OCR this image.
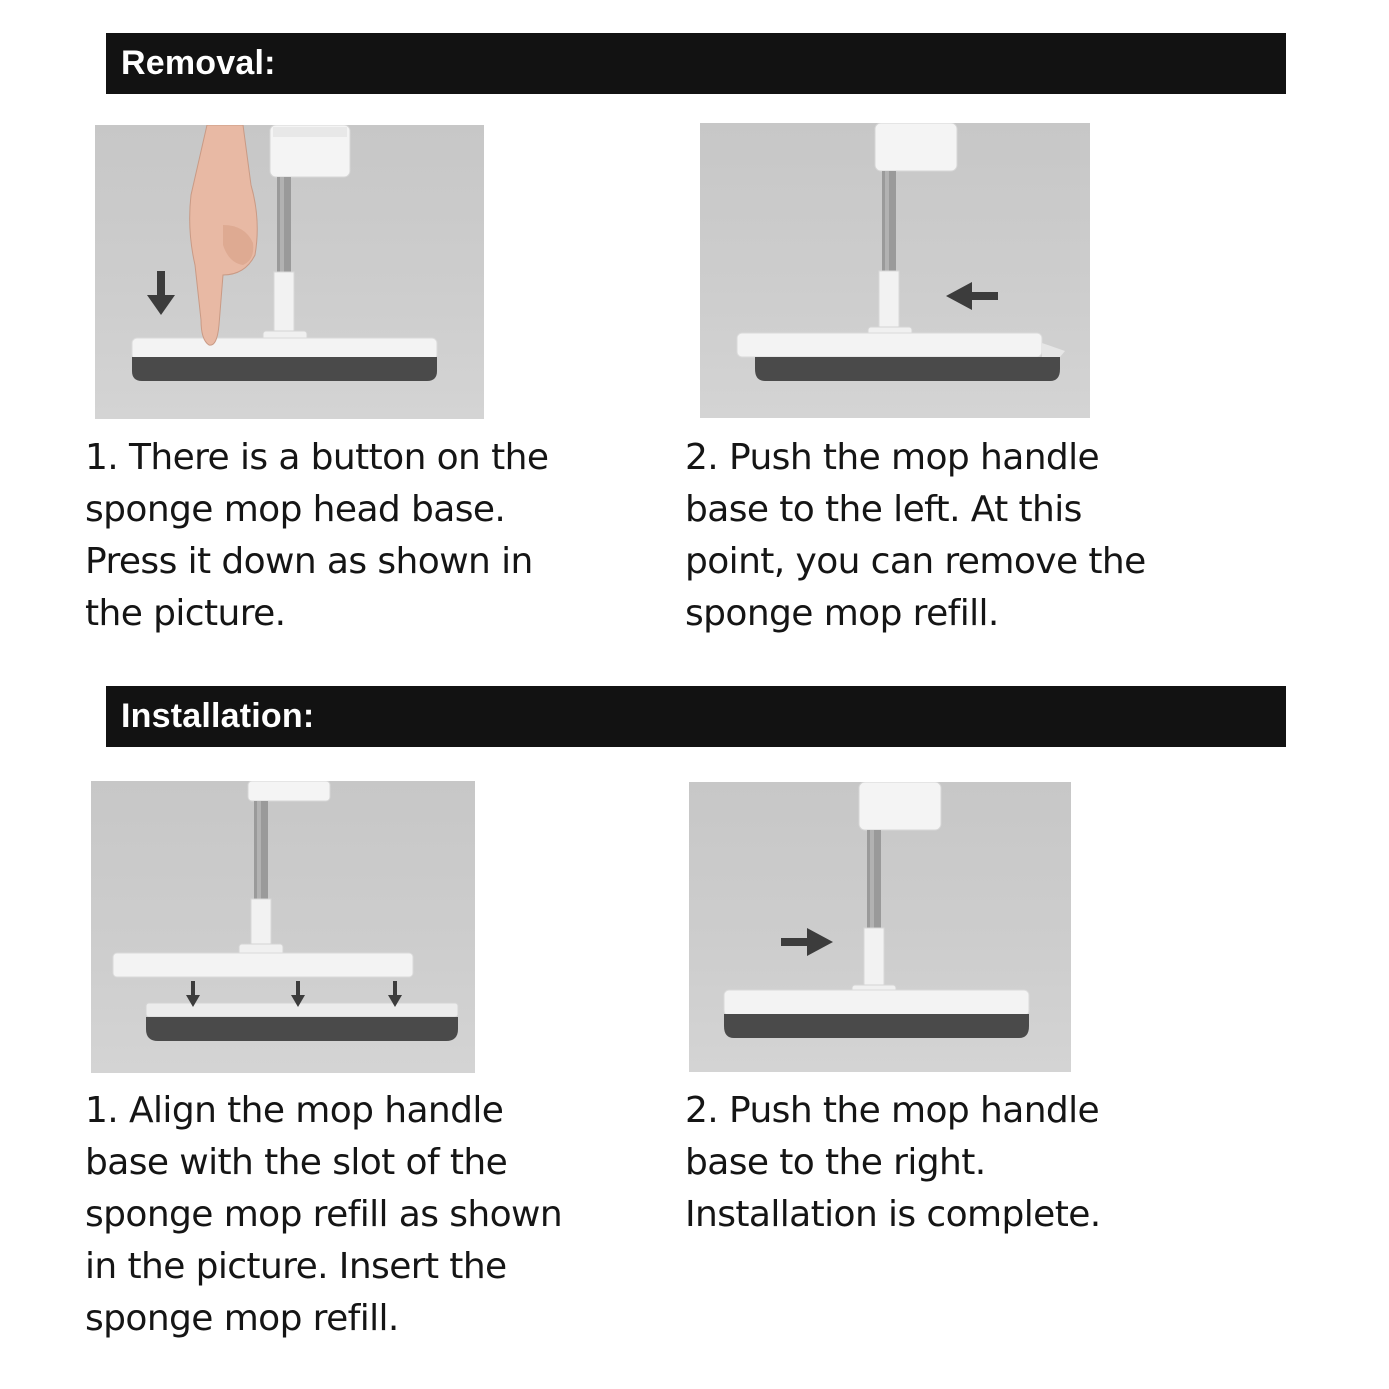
Removal:
1. There is a button on the
sponge mop head base.
Press it down as shown in
the picture.
2. Push the mop handle
base to the left. At this
point, you can remove the
sponge mop refill.
Installation:
1. Align the mop handle
base with the slot of the
sponge mop refill as shown
in the picture. Insert the
sponge mop refill.
2. Push the mop handle
base to the right.
Installation is complete.
